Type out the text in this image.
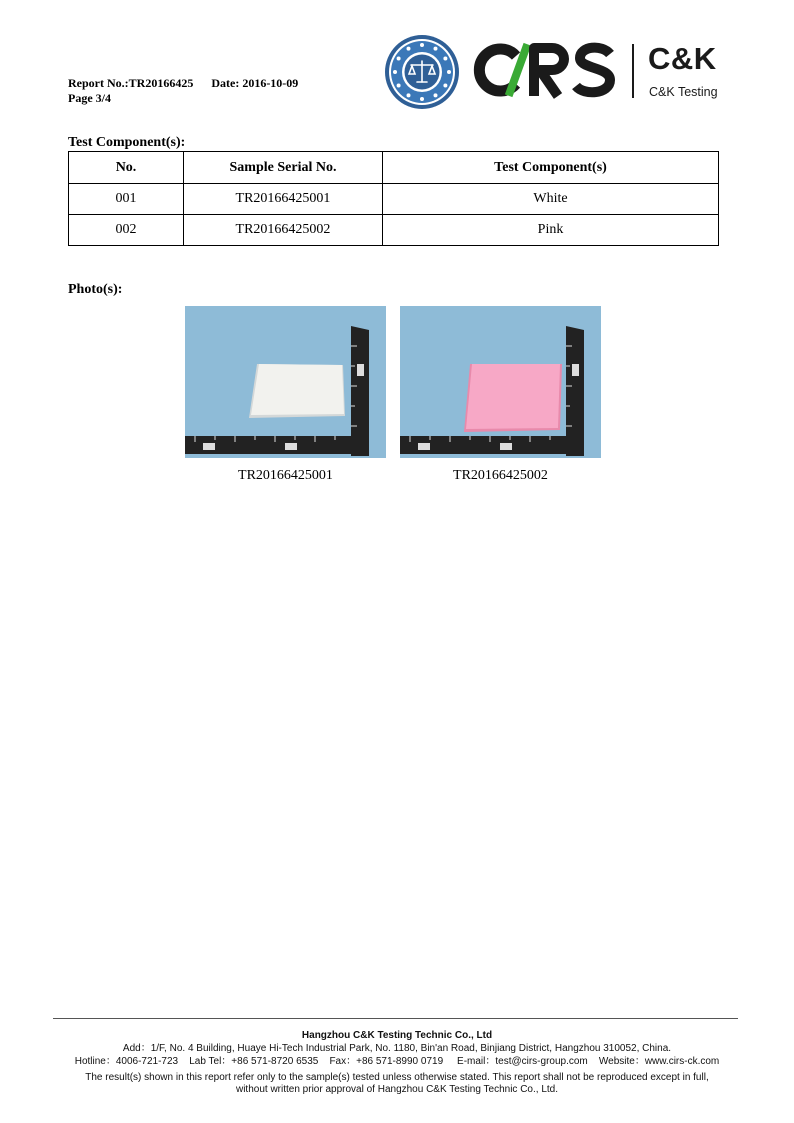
Report No.:TR20166425 Date: 2016-10-09
Page 3/4
C&K
C&K Testing
Test Component(s):
No.	Sample Serial No.	Test Component(s)
001	TR20166425001	White
002	TR20166425002	Pink
Photo(s):
TR20166425001	TR20166425002
Hangzhou C&K Testing Technic Co., Ltd
Add：1/F, No. 4 Building, Huaye Hi-Tech Industrial Park, No. 1180, Bin'an Road, Binjiang District, Hangzhou 310052, China.
Hotline：4006-721-723    Lab Tel：+86 571-8720 6535    Fax：+86 571-8990 0719     E-mail：test@cirs-group.com    Website：www.cirs-ck.com
The result(s) shown in this report refer only to the sample(s) tested unless otherwise stated. This report shall not be reproduced except in full,
without written prior approval of Hangzhou C&K Testing Technic Co., Ltd.
